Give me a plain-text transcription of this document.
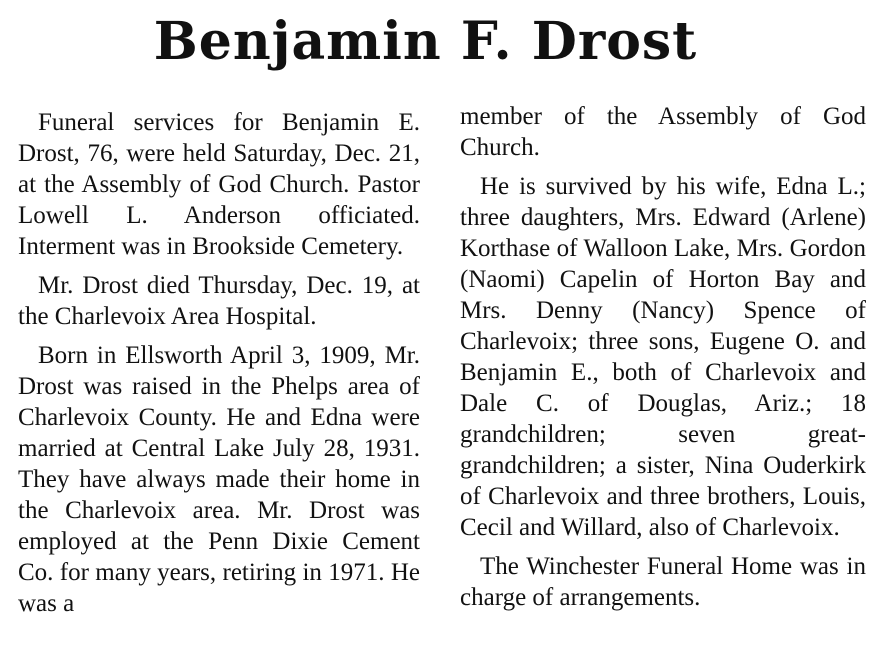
Benjamin F. Drost

Funeral services for Benjamin E. Drost, 76, were held Saturday, Dec. 21, at the Assembly of God Church. Pastor Lowell L. Anderson officiated. Interment was in Brookside Cemetery.

Mr. Drost died Thursday, Dec. 19, at the Charlevoix Area Hospital.

Born in Ellsworth April 3, 1909, Mr. Drost was raised in the Phelps area of Charlevoix County. He and Edna were married at Central Lake July 28, 1931. They have always made their home in the Charlevoix area. Mr. Drost was employed at the Penn Dixie Cement Co. for many years, retiring in 1971. He was a

member of the Assembly of God Church.

He is survived by his wife, Edna L.; three daughters, Mrs. Edward (Arlene) Korthase of Walloon Lake, Mrs. Gordon (Naomi) Capelin of Horton Bay and Mrs. Denny (Nancy) Spence of Charlevoix; three sons, Eugene O. and Benjamin E., both of Charlevoix and Dale C. of Douglas, Ariz.; 18 grandchildren; seven great-grandchildren; a sister, Nina Ouderkirk of Charlevoix and three brothers, Louis, Cecil and Willard, also of Charlevoix.

The Winchester Funeral Home was in charge of arrangements.
